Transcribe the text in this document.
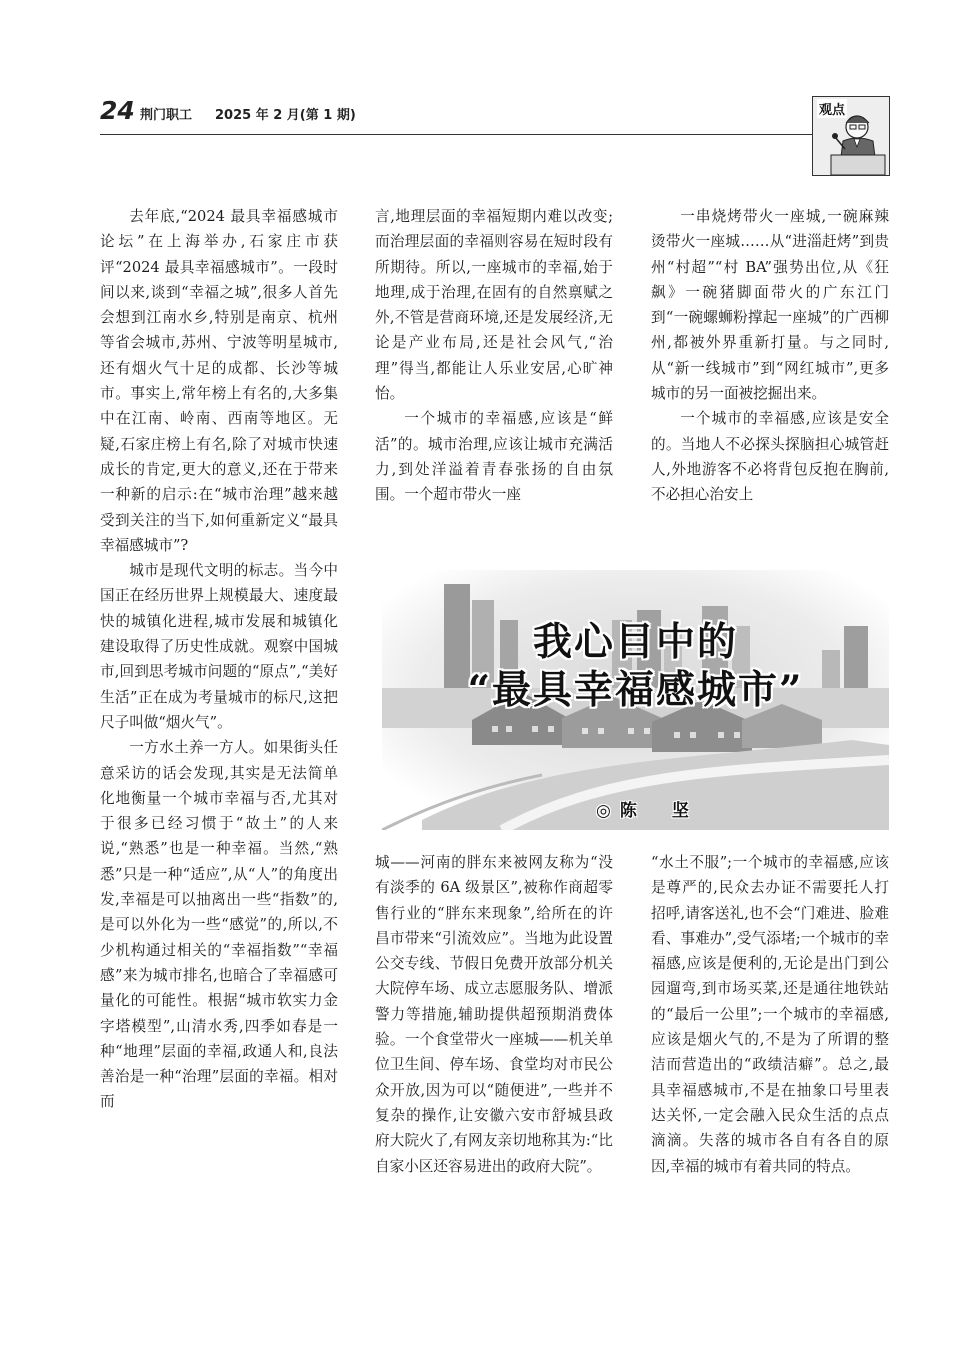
24 荆门职工 2025 年 2 月(第 1 期)	观点

去年底,“2024 最具幸福感城市论坛”在上海举办,石家庄市获评“2024 最具幸福感城市”。一段时间以来,谈到“幸福之城”,很多人首先会想到江南水乡,特别是南京、杭州等省会城市,苏州、宁波等明星城市,还有烟火气十足的成都、长沙等城市。事实上,常年榜上有名的,大多集中在江南、岭南、西南等地区。无疑,石家庄榜上有名,除了对城市快速成长的肯定,更大的意义,还在于带来一种新的启示:在“城市治理”越来越受到关注的当下,如何重新定义“最具幸福感城市”?

城市是现代文明的标志。当今中国正在经历世界上规模最大、速度最快的城镇化进程,城市发展和城镇化建设取得了历史性成就。观察中国城市,回到思考城市问题的“原点”,“美好生活”正在成为考量城市的标尺,这把尺子叫做“烟火气”。

一方水土养一方人。如果街头任意采访的话会发现,其实是无法简单化地衡量一个城市幸福与否,尤其对于很多已经习惯于“故土”的人来说,“熟悉”也是一种幸福。当然,“熟悉”只是一种“适应”,从“人”的角度出发,幸福是可以抽离出一些“指数”的,是可以外化为一些“感觉”的,所以,不少机构通过相关的“幸福指数”“幸福感”来为城市排名,也暗合了幸福感可量化的可能性。根据“城市软实力金字塔模型”,山清水秀,四季如春是一种“地理”层面的幸福,政通人和,良法善治是一种“治理”层面的幸福。相对而

言,地理层面的幸福短期内难以改变;而治理层面的幸福则容易在短时段有所期待。所以,一座城市的幸福,始于地理,成于治理,在固有的自然禀赋之外,不管是营商环境,还是发展经济,无论是产业布局,还是社会风气,“治理”得当,都能让人乐业安居,心旷神怡。

一个城市的幸福感,应该是“鲜活”的。城市治理,应该让城市充满活力,到处洋溢着青春张扬的自由氛围。一个超市带火一座

一串烧烤带火一座城,一碗麻辣烫带火一座城……从“进淄赶烤”到贵州“村超”“村 BA”强势出位,从《狂飙》一碗猪脚面带火的广东江门到“一碗螺蛳粉撑起一座城”的广西柳州,都被外界重新打量。与之同时,从“新一线城市”到“网红城市”,更多城市的另一面被挖掘出来。

一个城市的幸福感,应该是安全的。当地人不必探头探脑担心城管赶人,外地游客不必将背包反抱在胸前,不必担心治安上

我心目中的
“最具幸福感城市”
◎陈　坚

城——河南的胖东来被网友称为“没有淡季的 6A 级景区”,被称作商超零售行业的“胖东来现象”,给所在的许昌市带来“引流效应”。当地为此设置公交专线、节假日免费开放部分机关大院停车场、成立志愿服务队、增派警力等措施,辅助提供超预期消费体验。一个食堂带火一座城——机关单位卫生间、停车场、食堂均对市民公众开放,因为可以“随便进”,一些并不复杂的操作,让安徽六安市舒城县政府大院火了,有网友亲切地称其为:“比自家小区还容易进出的政府大院”。

“水土不服”;一个城市的幸福感,应该是尊严的,民众去办证不需要托人打招呼,请客送礼,也不会“门难进、脸难看、事难办”,受气添堵;一个城市的幸福感,应该是便利的,无论是出门到公园遛弯,到市场买菜,还是通往地铁站的“最后一公里”;一个城市的幸福感,应该是烟火气的,不是为了所谓的整洁而营造出的“政绩洁癖”。总之,最具幸福感城市,不是在抽象口号里表达关怀,一定会融入民众生活的点点滴滴。失落的城市各自有各自的原因,幸福的城市有着共同的特点。
